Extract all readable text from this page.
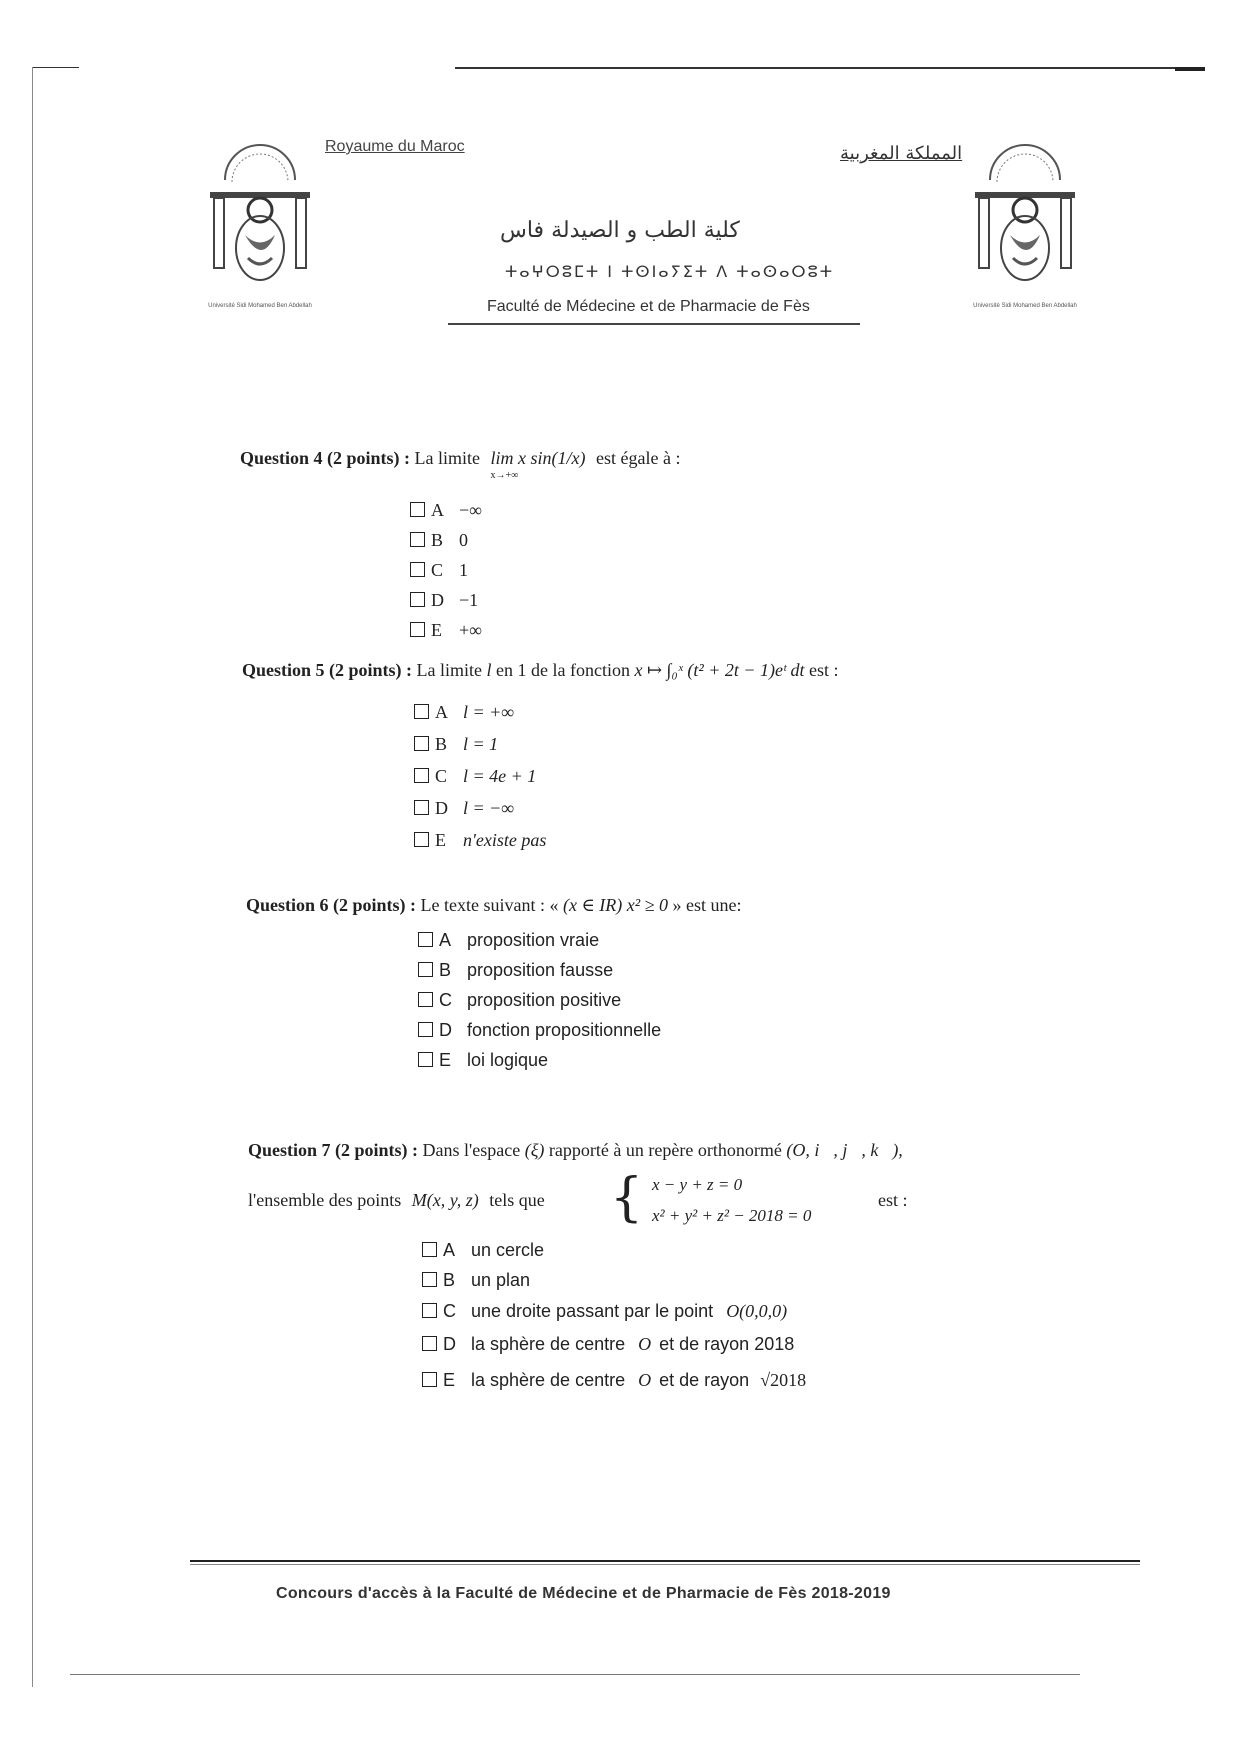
Université Sidi Mohamed Ben Abdellah	Université Sidi Mohamed Ben Abdellah
Royaume du Maroc	المملكة المغربية
كلية الطب و الصيدلة فاس
ⵜⴰⵖⵔⵓⵎⵜ ⵏ ⵜⵙⵏⴰⵢⵉⵜ ⴷ ⵜⴰⵙⴰⵔⵓⵜ
Faculté de Médecine et de Pharmacie de Fès
Question 4 (2 points) : La limite lim x sin(1/x)
x→+∞
est égale à :
A −∞
B 0
C 1
D −1
E +∞
Question 5 (2 points) : La limite l en 1 de la fonction x ↦ ∫₀ˣ (t² + 2t − 1)eᵗ dt est :
A l = +∞
B l = 1
C l = 4e + 1
D l = −∞
E n'existe pas
Question 6 (2 points) : Le texte suivant : « (x ∈ IR) x² ≥ 0 » est une:
A proposition vraie
B proposition fausse
C proposition positive
D fonction propositionnelle
E loi logique
Question 7 (2 points) : Dans l'espace (ξ) rapporté à un repère orthonormé (O, i⃗, j⃗, k⃗),
l'ensemble des points M(x, y, z) tels que { x − y + z = 0
x² + y² + z² − 2018 = 0
est :
A un cercle
B un plan
C une droite passant par le point O(0,0,0)
D la sphère de centre O et de rayon 2018
E la sphère de centre O et de rayon √2018
Concours d'accès à la Faculté de Médecine et de Pharmacie de Fès 2018-2019
